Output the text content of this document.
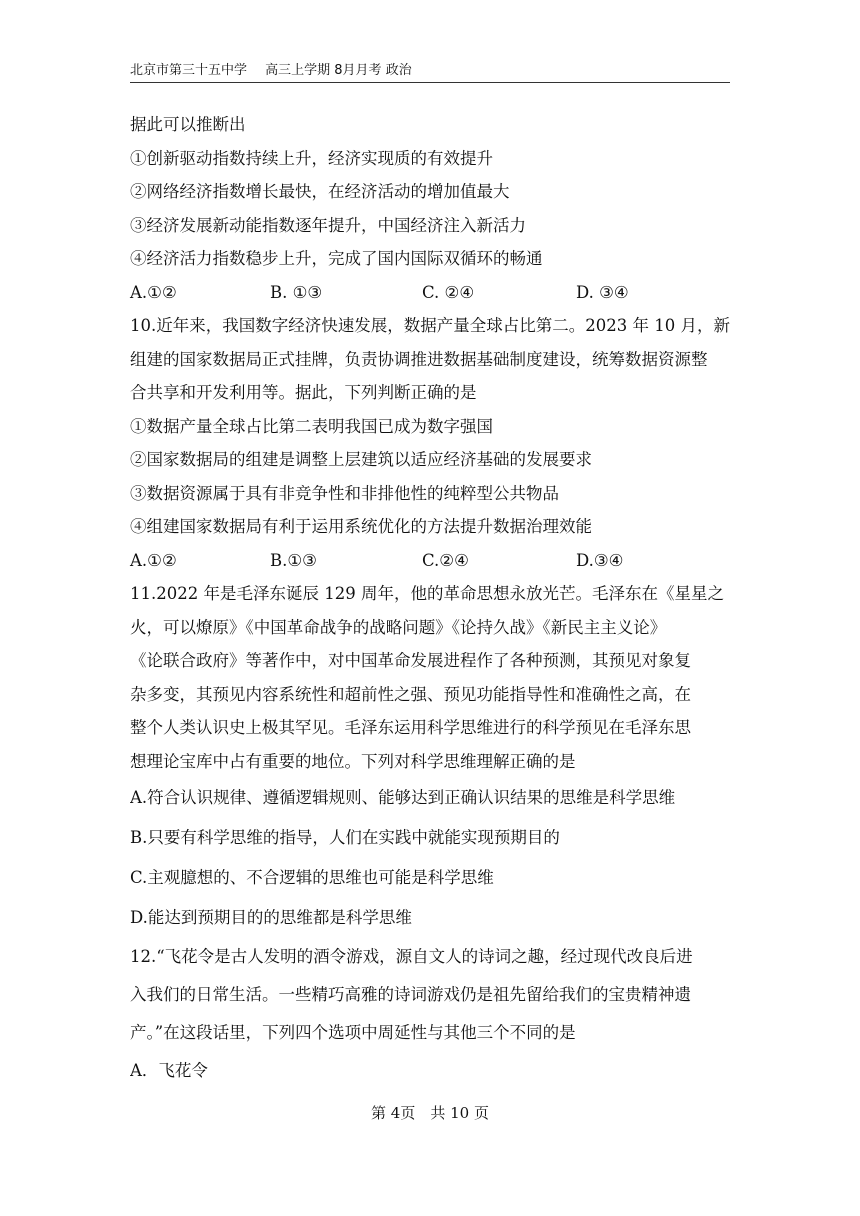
北京市第三十五中学 高三上学期 8月月考 政治
据此可以推断出
①创新驱动指数持续上升，经济实现质的有效提升
②网络经济指数增长最快，在经济活动的增加值最大
③经济发展新动能指数逐年提升，中国经济注入新活力
④经济活力指数稳步上升，完成了国内国际双循环的畅通
A.①②	B. ①③	C. ②④	D. ③④
10.近年来，我国数字经济快速发展，数据产量全球占比第二。2023 年 10 月，新
组建的国家数据局正式挂牌，负责协调推进数据基础制度建设，统筹数据资源整
合共享和开发利用等。据此，下列判断正确的是
①数据产量全球占比第二表明我国已成为数字强国
②国家数据局的组建是调整上层建筑以适应经济基础的发展要求
③数据资源属于具有非竞争性和非排他性的纯粹型公共物品
④组建国家数据局有利于运用系统优化的方法提升数据治理效能
A.①②	B.①③	C.②④	D.③④
11.2022 年是毛泽东诞辰 129 周年，他的革命思想永放光芒。毛泽东在《星星之
火，可以燎原》《中国革命战争的战略问题》《论持久战》《新民主主义论》
《论联合政府》等著作中，对中国革命发展进程作了各种预测，其预见对象复
杂多变，其预见内容系统性和超前性之强、预见功能指导性和准确性之高，在
整个人类认识史上极其罕见。毛泽东运用科学思维进行的科学预见在毛泽东思
想理论宝库中占有重要的地位。下列对科学思维理解正确的是
A.符合认识规律、遵循逻辑规则、能够达到正确认识结果的思维是科学思维
B.只要有科学思维的指导，人们在实践中就能实现预期目的
C.主观臆想的、不合逻辑的思维也可能是科学思维
D.能达到预期目的的思维都是科学思维
12.“飞花令是古人发明的酒令游戏，源自文人的诗词之趣，经过现代改良后进
入我们的日常生活。一些精巧高雅的诗词游戏仍是祖先留给我们的宝贵精神遗
产。”在这段话里，下列四个选项中周延性与其他三个不同的是
A．飞花令
第 4页　共 10 页
